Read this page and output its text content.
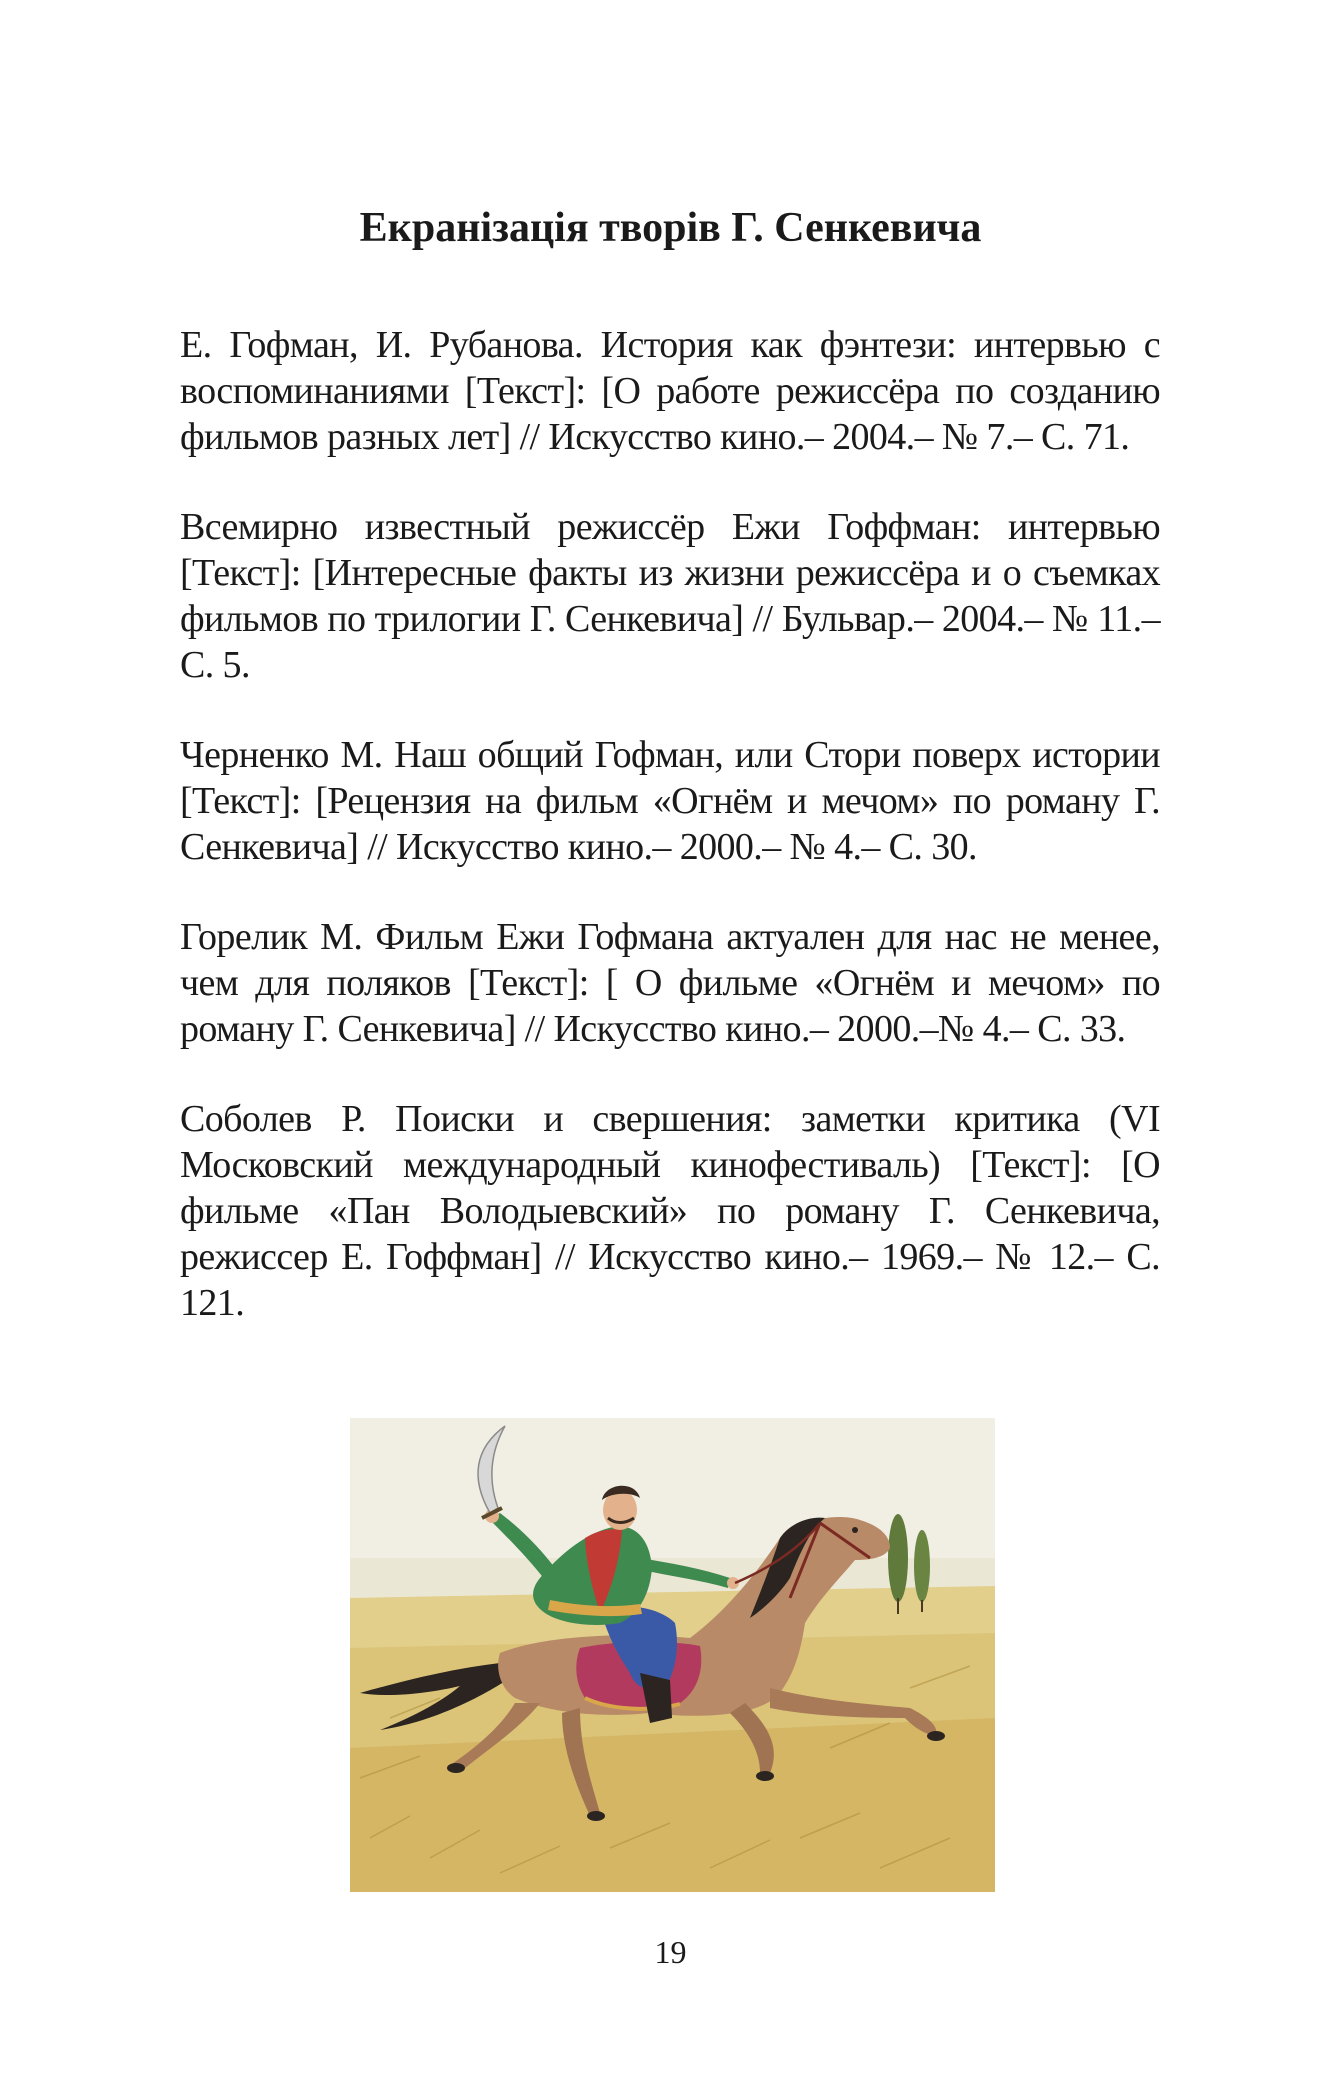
Екранізація творів Г. Сенкевича

Е. Гофман, И. Рубанова. История как фэнтези: интервью с воспоминаниями [Текст]: [О работе режиссёра по созданию фильмов разных лет] // Искусство кино.– 2004.– № 7.– С. 71.

Всемирно известный режиссёр Ежи Гоффман: интервью [Текст]: [Интересные факты из жизни режиссёра и о съемках фильмов по трилогии Г. Сенкевича] // Бульвар.– 2004.– № 11.– С. 5.

Черненко М. Наш общий Гофман, или Стори поверх истории [Текст]: [Рецензия на фильм «Огнём и мечом» по роману Г. Сенкевича] // Искусство кино.– 2000.– № 4.– С. 30.

Горелик М. Фильм Ежи Гофмана актуален для нас не менее, чем для поляков [Текст]: [ О фильме «Огнём и мечом» по роману Г. Сенкевича] // Искусство кино.– 2000.–№ 4.– С. 33.

Соболев Р. Поиски и свершения: заметки критика (VI Московский международный кинофестиваль) [Текст]: [О фильме «Пан Володыевский» по роману Г. Сенкевича, режиссер Е. Гоффман] // Искусство кино.– 1969.– № 12.– С. 121.

19
